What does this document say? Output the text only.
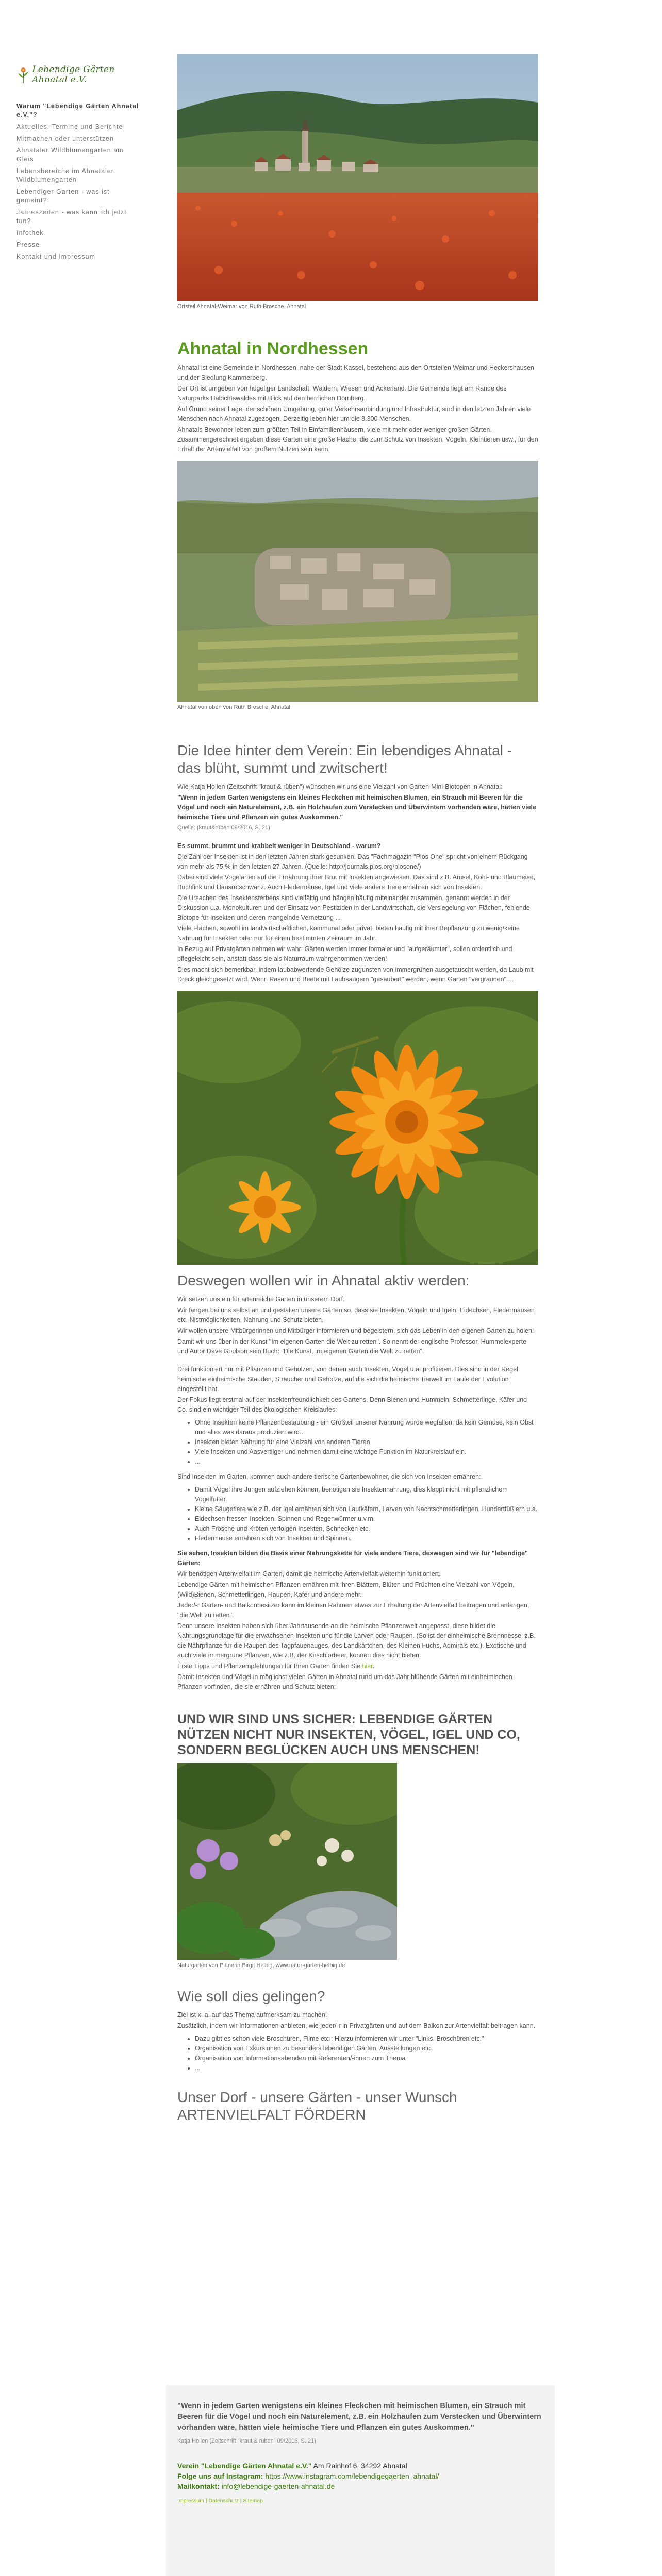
Lebendige Gärten Ahnatal e.V.
Warum "Lebendige Gärten Ahnatal e.V."?
Aktuelles, Termine und Berichte
Mitmachen oder unterstützen
Ahnataler Wildblumengarten am Gleis
Lebensbereiche im Ahnataler Wildblumengarten
Lebendiger Garten - was ist gemeint?
Jahreszeiten - was kann ich jetzt tun?
Infothek
Presse
Kontakt und Impressum

Ortsteil Ahnatal-Weimar von Ruth Brosche, Ahnatal

Ahnatal in Nordhessen

Ahnatal ist eine Gemeinde in Nordhessen, nahe der Stadt Kassel, bestehend aus den Ortsteilen Weimar und Heckershausen und der Siedlung Kammerberg.

Der Ort ist umgeben von hügeliger Landschaft, Wäldern, Wiesen und Ackerland. Die Gemeinde liegt am Rande des Naturparks Habichtswaldes mit Blick auf den herrlichen Dörnberg.

Auf Grund seiner Lage, der schönen Umgebung, guter Verkehrsanbindung und Infrastruktur, sind in den letzten Jahren viele Menschen nach Ahnatal zugezogen. Derzeitig leben hier um die 8.300 Menschen.

Ahnatals Bewohner leben zum größten Teil in Einfamilienhäusern, viele mit mehr oder weniger großen Gärten. Zusammengerechnet ergeben diese Gärten eine große Fläche, die zum Schutz von Insekten, Vögeln, Kleintieren usw., für den Erhalt der Artenvielfalt von großem Nutzen sein kann.

Ahnatal von oben von Ruth Brosche, Ahnatal

Die Idee hinter dem Verein: Ein lebendiges Ahnatal - das blüht, summt und zwitschert!

Wie Katja Hollen (Zeitschrift "kraut & rüben") wünschen wir uns eine Vielzahl von Garten-Mini-Biotopen in Ahnatal:

"Wenn in jedem Garten wenigstens ein kleines Fleckchen mit heimischen Blumen, ein Strauch mit Beeren für die Vögel und noch ein Naturelement, z.B. ein Holzhaufen zum Verstecken und Überwintern vorhanden wäre, hätten viele heimische Tiere und Pflanzen ein gutes Auskommen."

Quelle: (kraut&rüben 09/2016, S. 21)

Es summt, brummt und krabbelt weniger in Deutschland - warum?

Die Zahl der Insekten ist in den letzten Jahren stark gesunken. Das "Fachmagazin "Plos One" spricht von einem Rückgang von mehr als 75 % in den letzten 27 Jahren. (Quelle: http://journals.plos.org/plosone/)

Dabei sind viele Vogelarten auf die Ernährung ihrer Brut mit Insekten angewiesen. Das sind z.B. Amsel, Kohl- und Blaumeise, Buchfink und Hausrotschwanz. Auch Fledermäuse, Igel und viele andere Tiere ernähren sich von Insekten.

Die Ursachen des Insektensterbens sind vielfältig und hängen häufig miteinander zusammen, genannt werden in der Diskussion u.a. Monokulturen und der Einsatz von Pestiziden in der Landwirtschaft, die Versiegelung von Flächen, fehlende Biotope für Insekten und deren mangelnde Vernetzung ...

Viele Flächen, sowohl im landwirtschaftlichen, kommunal oder privat, bieten häufig mit ihrer Bepflanzung zu wenig/keine Nahrung für Insekten oder nur für einen bestimmten Zeitraum im Jahr.

In Bezug auf Privatgärten nehmen wir wahr: Gärten werden immer formaler und "aufgeräumter", sollen ordentlich und pflegeleicht sein, anstatt dass sie als Naturraum wahrgenommen werden!

Dies macht sich bemerkbar, indem laubabwerfende Gehölze zugunsten von immergrünen ausgetauscht werden, da Laub mit Dreck gleichgesetzt wird. Wenn Rasen und Beete mit Laubsaugern "gesäubert" werden, wenn Gärten "vergraunen"....

Deswegen wollen wir in Ahnatal aktiv werden:

Wir setzen uns ein für artenreiche Gärten in unserem Dorf.

Wir fangen bei uns selbst an und gestalten unsere Gärten so, dass sie Insekten, Vögeln und Igeln, Eidechsen, Fledermäusen etc. Nistmöglichkeiten, Nahrung und Schutz bieten.

Wir wollen unsere Mitbürgerinnen und Mitbürger informieren und begeistern, sich das Leben in den eigenen Garten zu holen!

Damit wir uns über in der Kunst "Im eigenen Garten die Welt zu retten". So nennt der englische Professor, Hummelexperte und Autor Dave Goulson sein Buch: "Die Kunst, im eigenen Garten die Welt zu retten".

Drei funktioniert nur mit Pflanzen und Gehölzen, von denen auch Insekten, Vögel u.a. profitieren. Dies sind in der Regel heimische einheimische Stauden, Sträucher und Gehölze, auf die sich die heimische Tierwelt im Laufe der Evolution eingestellt hat.

Der Fokus liegt erstmal auf der insektenfreundlichkeit des Gartens. Denn Bienen und Hummeln, Schmetterlinge, Käfer und Co. sind ein wichtiger Teil des ökologischen Kreislaufes:

• Ohne Insekten keine Pflanzenbestäubung - ein Großteil unserer Nahrung würde wegfallen, da kein Gemüse, kein Obst und alles was daraus produziert wird...
• Insekten bieten Nahrung für eine Vielzahl von anderen Tieren
• Viele Insekten und Aasvertilger und nehmen damit eine wichtige Funktion im Naturkreislauf ein.
• ...

Sind Insekten im Garten, kommen auch andere tierische Gartenbewohner, die sich von Insekten ernähren:

• Damit Vögel ihre Jungen aufziehen können, benötigen sie Insektennahrung, dies klappt nicht mit pflanzlichem Vogelfutter.
• Kleine Säugetiere wie z.B. der Igel ernähren sich von Laufkäfern, Larven von Nachtschmetterlingen, Hundertfüßlern u.a.
• Eidechsen fressen Insekten, Spinnen und Regenwürmer u.v.m.
• Auch Frösche und Kröten verfolgen Insekten, Schnecken etc.
• Fledermäuse ernähren sich von Insekten und Spinnen.

Sie sehen, Insekten bilden die Basis einer Nahrungskette für viele andere Tiere, deswegen sind wir für "lebendige" Gärten:

Wir benötigen Artenvielfalt im Garten, damit die heimische Artenvielfalt weiterhin funktioniert.

Lebendige Gärten mit heimischen Pflanzen ernähren mit ihren Blättern, Blüten und Früchten eine Vielzahl von Vögeln, (Wild)Bienen, Schmetterlingen, Raupen, Käfer und andere mehr.

Jeder/-r Garten- und Balkonbesitzer kann im kleinen Rahmen etwas zur Erhaltung der Artenvielfalt beitragen und anfangen, "die Welt zu retten".

Denn unsere Insekten haben sich über Jahrtausende an die heimische Pflanzenwelt angepasst, diese bildet die Nahrungsgrundlage für die erwachsenen Insekten und für die Larven oder Raupen. (So ist der einheimische Brennnessel z.B. die Nährpflanze für die Raupen des Tagpfauenauges, des Landkärtchen, des Kleinen Fuchs, Admirals etc.). Exotische und auch viele immergrüne Pflanzen, wie z.B. der Kirschlorbeer, können dies nicht bieten.

Erste Tipps und Pflanzempfehlungen für Ihren Garten finden Sie hier.

Damit Insekten und Vögel in möglichst vielen Gärten in Ahnatal rund um das Jahr blühende Gärten mit einheimischen Pflanzen vorfinden, die sie ernähren und Schutz bieten:

UND WIR SIND UNS SICHER: LEBENDIGE GÄRTEN NÜTZEN NICHT NUR INSEKTEN, VÖGEL, IGEL UND CO, SONDERN BEGLÜCKEN AUCH UNS MENSCHEN!

Naturgarten von Pianerin Birgit Helbig, www.natur-garten-helbig.de

Wie soll dies gelingen?

Ziel ist x. a. auf das Thema aufmerksam zu machen!

Zusätzlich, indem wir Informationen anbieten, wie jeder/-r in Privatgärten und auf dem Balkon zur Artenvielfalt beitragen kann.

• Dazu gibt es schon viele Broschüren, Filme etc.: Hierzu informieren wir unter "Links, Broschüren etc."
• Organisation von Exkursionen zu besonders lebendigen Gärten, Ausstellungen etc.
• Organisation von Informationsabenden mit Referenten/-innen zum Thema
• ...
Unser Dorf - unsere Gärten - unser Wunsch ARTENVIELFALT FÖRDERN

"Wenn in jedem Garten wenigstens ein kleines Fleckchen mit heimischen Blumen, ein Strauch mit Beeren für die Vögel und noch ein Naturelement, z.B. ein Holzhaufen zum Verstecken und Überwintern vorhanden wäre, hätten viele heimische Tiere und Pflanzen ein gutes Auskommen."

Katja Hollen (Zeitschrift "kraut & rüben" 09/2016, S. 21)

Verein "Lebendige Gärten Ahnatal e.V." Am Rainhof 6, 34292 Ahnatal
Folge uns auf Instagram: https://www.instagram.com/lebendigegaerten_ahnatal/
Mailkontakt: info@lebendige-gaerten-ahnatal.de
Impressum | Datenschutz | Sitemap
